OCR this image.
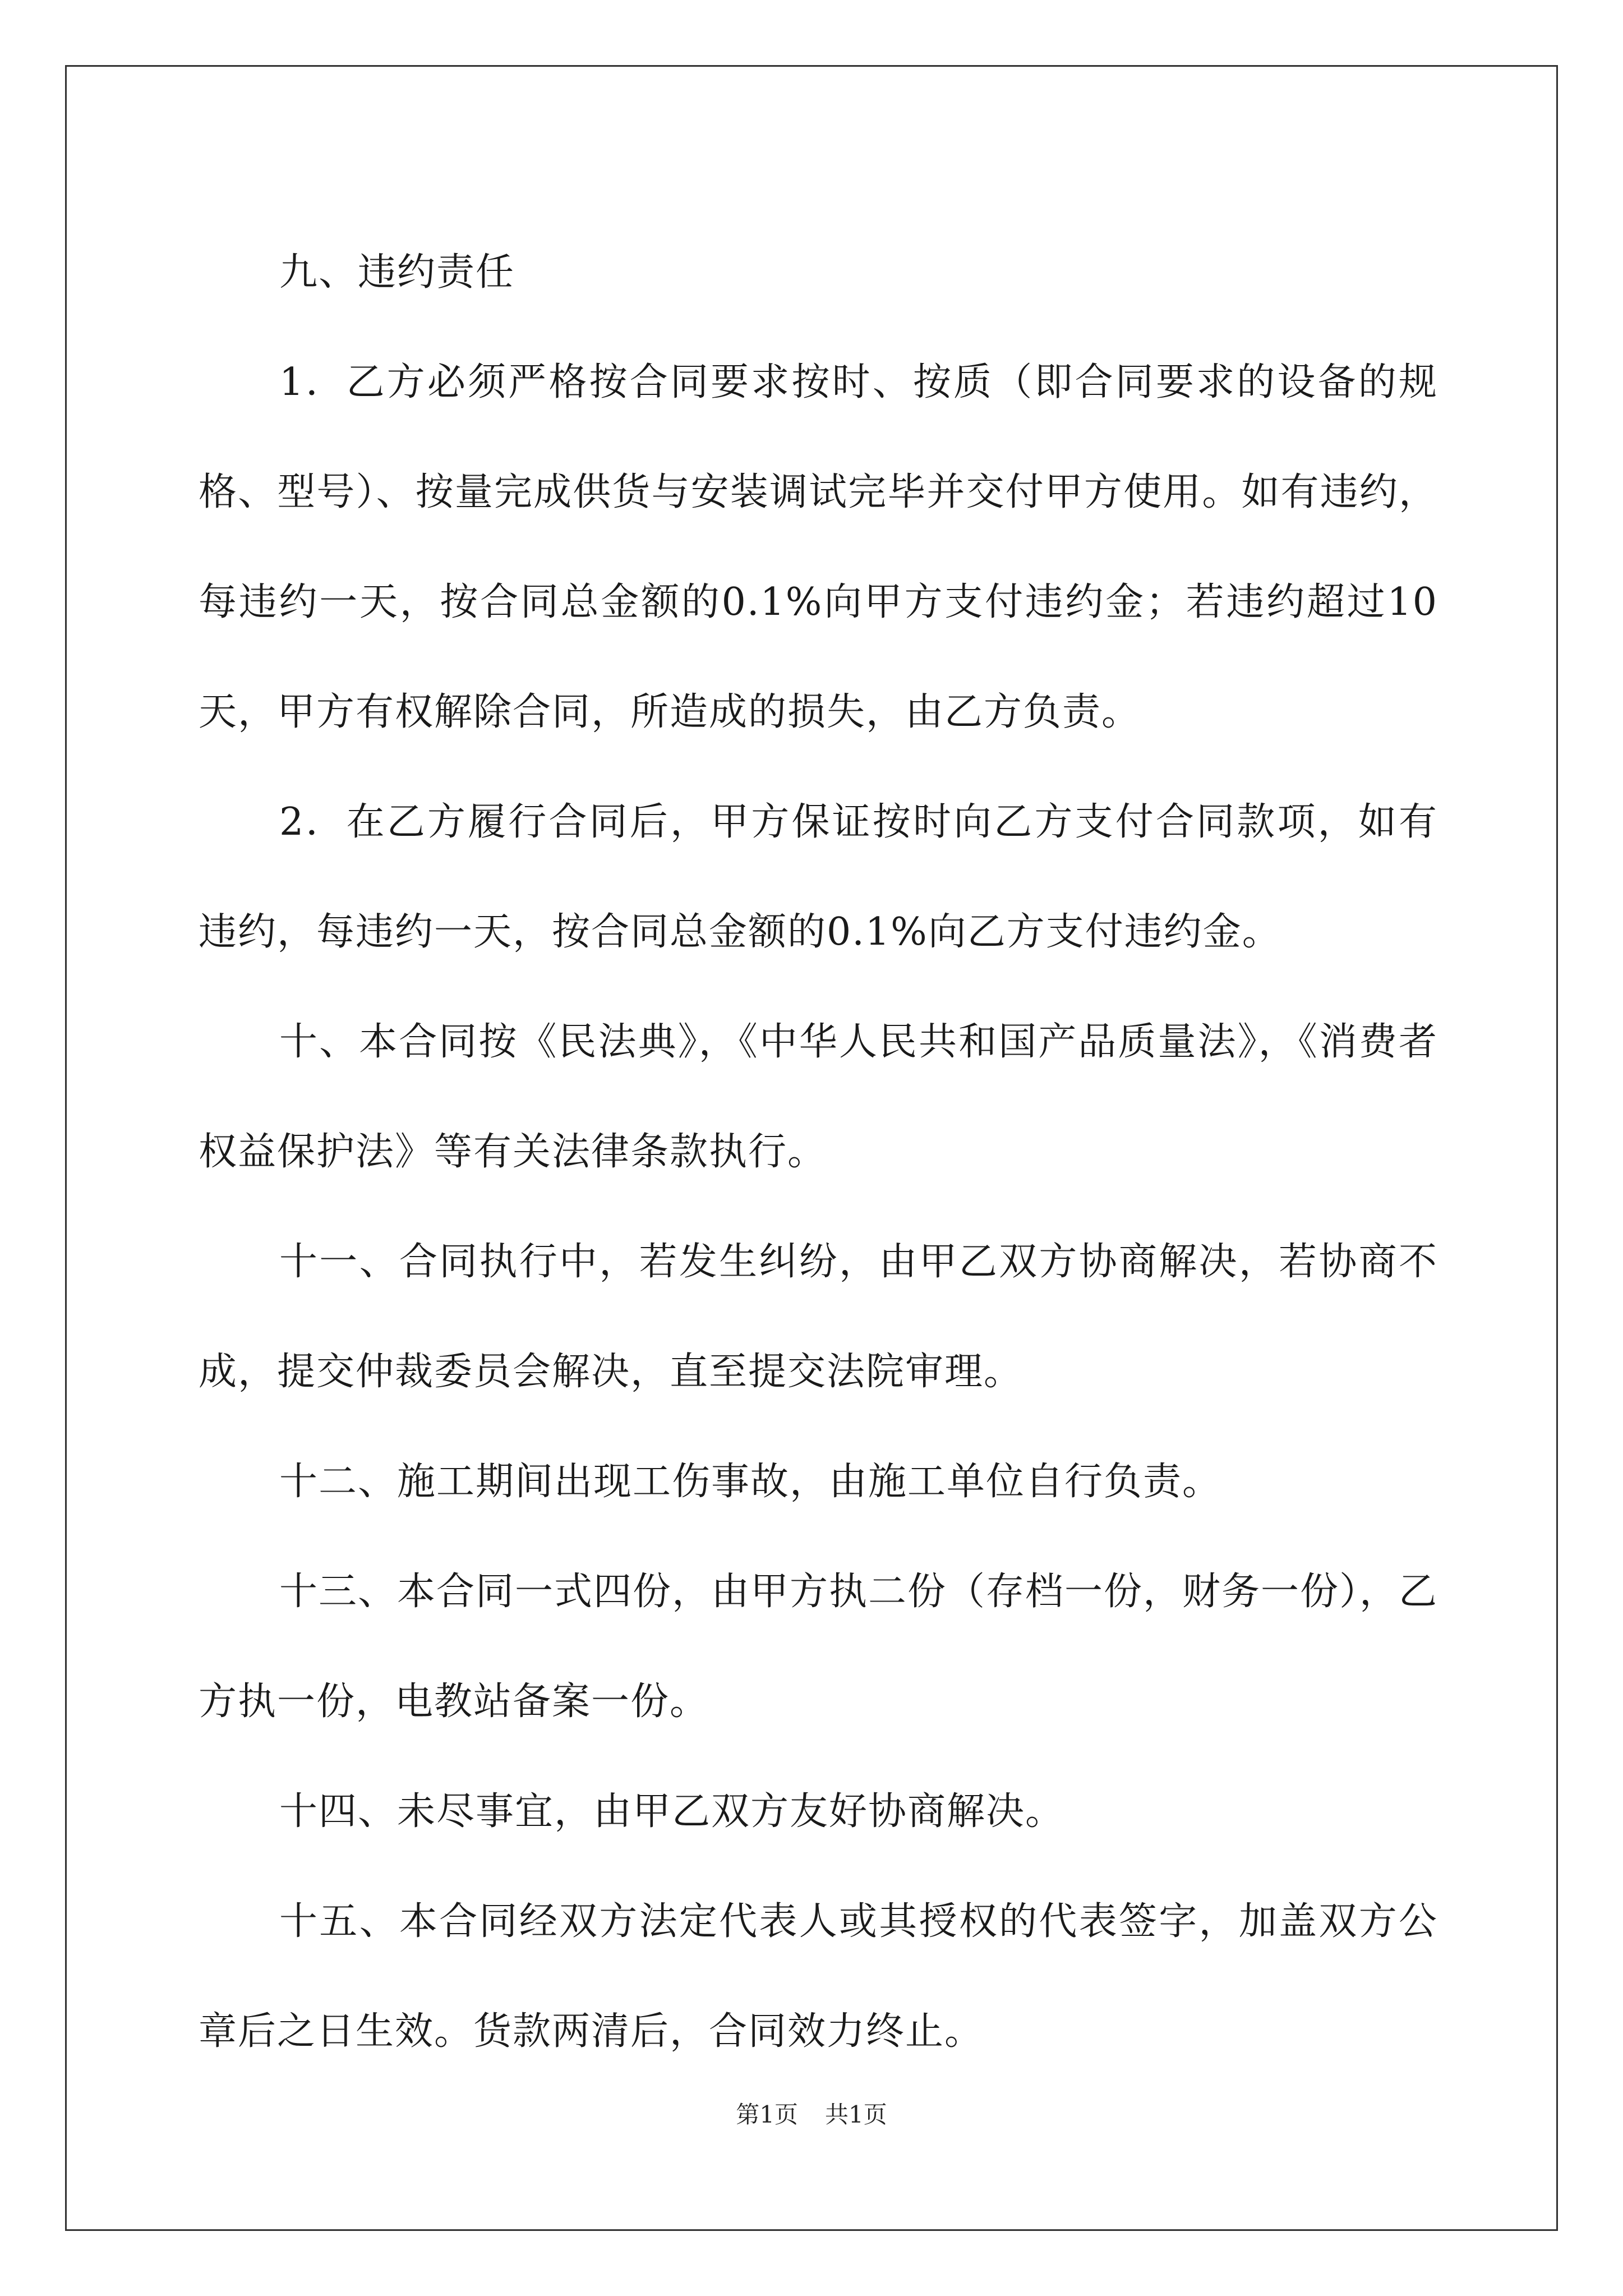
九、违约责任

1．乙方必须严格按合同要求按时、按质（即合同要求的设备的规格、型号）、按量完成供货与安装调试完毕并交付甲方使用。如有违约，每违约一天，按合同总金额的0.1%向甲方支付违约金；若违约超过10天，甲方有权解除合同，所造成的损失，由乙方负责。

2．在乙方履行合同后，甲方保证按时向乙方支付合同款项，如有违约，每违约一天，按合同总金额的0.1%向乙方支付违约金。

十、本合同按《民法典》，《中华人民共和国产品质量法》，《消费者权益保护法》等有关法律条款执行。

十一、合同执行中，若发生纠纷，由甲乙双方协商解决，若协商不成，提交仲裁委员会解决，直至提交法院审理。

十二、施工期间出现工伤事故，由施工单位自行负责。

十三、本合同一式四份，由甲方执二份（存档一份，财务一份），乙方执一份，电教站备案一份。

十四、未尽事宜，由甲乙双方友好协商解决。

十五、本合同经双方法定代表人或其授权的代表签字，加盖双方公章后之日生效。货款两清后，合同效力终止。

第1页 共1页
